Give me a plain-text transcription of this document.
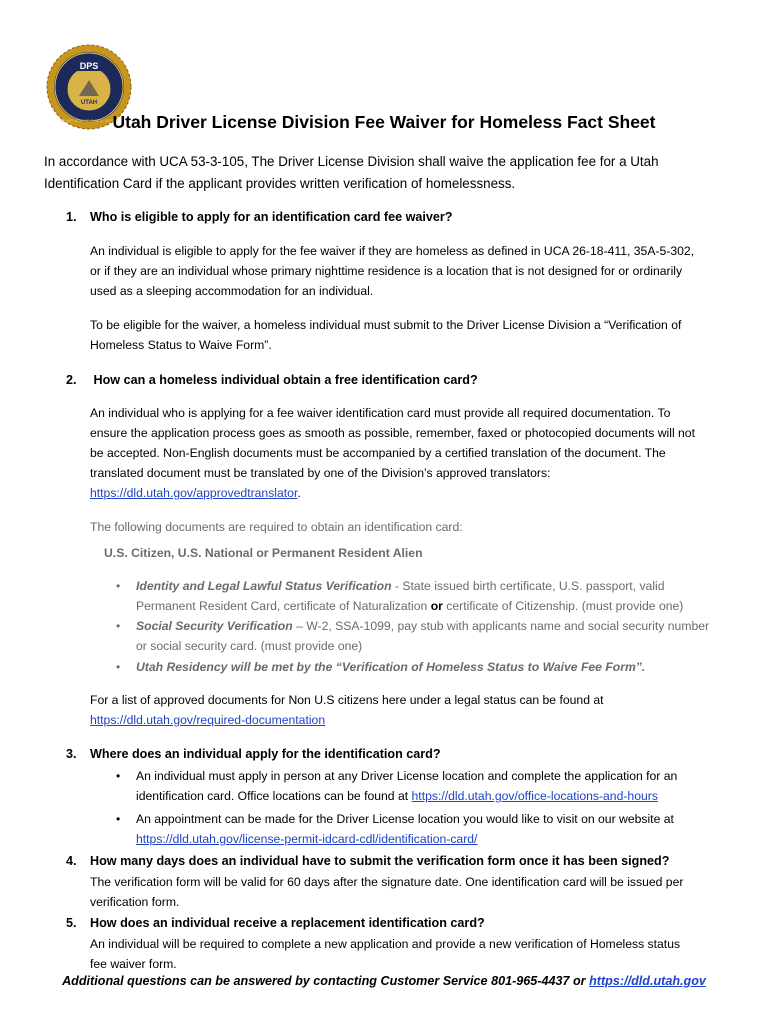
DPS
UTAH
DEPARTMENT OF PUBLIC SAFETY
Utah Driver License Division Fee Waiver for Homeless Fact Sheet
In accordance with UCA 53-3-105, The Driver License Division shall waive the application fee for a Utah
Identification Card if the applicant provides written verification of homelessness.
1. Who is eligible to apply for an identification card fee waiver?
An individual is eligible to apply for the fee waiver if they are homeless as defined in UCA 26-18-411, 35A-5-302,
or if they are an individual whose primary nighttime residence is a location that is not designed for or ordinarily
used as a sleeping accommodation for an individual.
To be eligible for the waiver, a homeless individual must submit to the Driver License Division a “Verification of
Homeless Status to Waive Form”.
2. How can a homeless individual obtain a free identification card?
An individual who is applying for a fee waiver identification card must provide all required documentation. To
ensure the application process goes as smooth as possible, remember, faxed or photocopied documents will not
be accepted. Non-English documents must be accompanied by a certified translation of the document. The
translated document must be translated by one of the Division’s approved translators:
https://dld.utah.gov/approvedtranslator.
The following documents are required to obtain an identification card:
U.S. Citizen, U.S. National or Permanent Resident Alien
•	Identity and Legal Lawful Status Verification - State issued birth certificate, U.S. passport, valid
Permanent Resident Card, certificate of Naturalization or certificate of Citizenship. (must provide one)
•	Social Security Verification – W-2, SSA-1099, pay stub with applicants name and social security number
or social security card. (must provide one)
•	Utah Residency will be met by the “Verification of Homeless Status to Waive Fee Form”.
For a list of approved documents for Non U.S citizens here under a legal status can be found at
https://dld.utah.gov/required-documentation
3. Where does an individual apply for the identification card?
•	An individual must apply in person at any Driver License location and complete the application for an
identification card. Office locations can be found at https://dld.utah.gov/office-locations-and-hours
•	An appointment can be made for the Driver License location you would like to visit on our website at
https://dld.utah.gov/license-permit-idcard-cdl/identification-card/
4. How many days does an individual have to submit the verification form once it has been signed?
The verification form will be valid for 60 days after the signature date. One identification card will be issued per
verification form.
5. How does an individual receive a replacement identification card?
An individual will be required to complete a new application and provide a new verification of Homeless status
fee waiver form.
Additional questions can be answered by contacting Customer Service 801-965-4437 or https://dld.utah.gov
